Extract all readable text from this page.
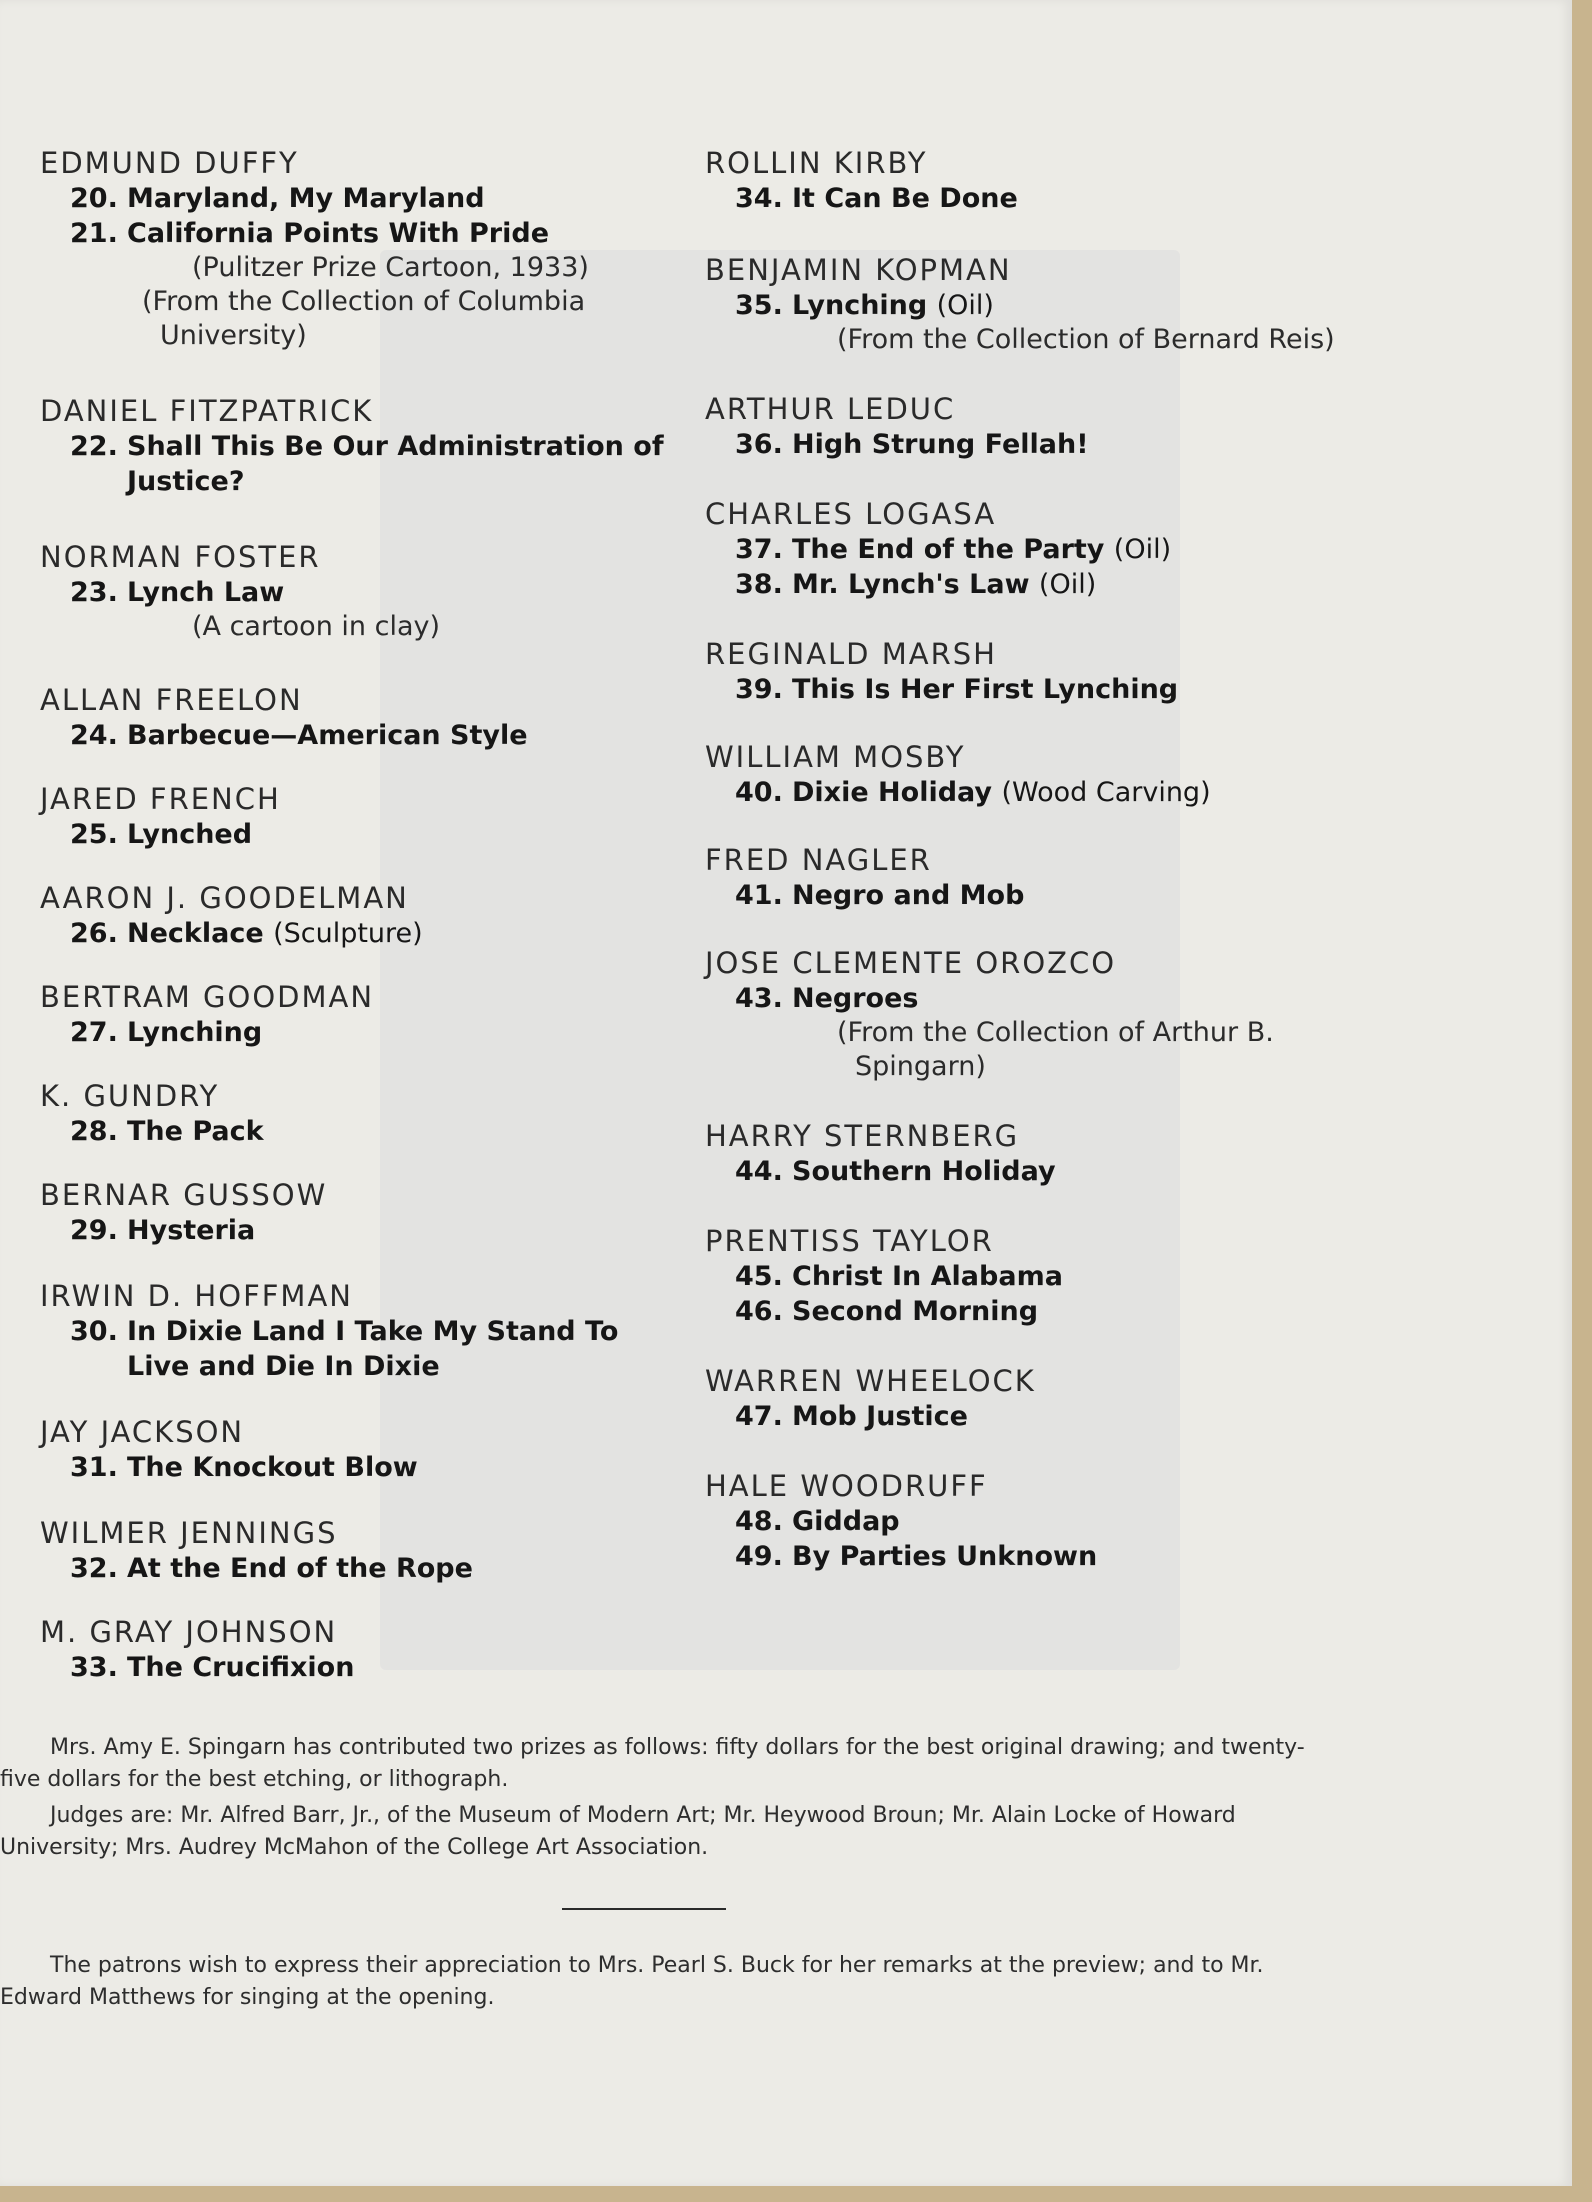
EDMUND DUFFY
20. Maryland, My Maryland
21. California Points With Pride
(Pulitzer Prize Cartoon, 1933)
(From the Collection of Columbia University)
DANIEL FITZPATRICK
22. Shall This Be Our Administration of Justice?
NORMAN FOSTER
23. Lynch Law
(A cartoon in clay)
ALLAN FREELON
24. Barbecue—American Style
JARED FRENCH
25. Lynched
AARON J. GOODELMAN
26. Necklace (Sculpture)
BERTRAM GOODMAN
27. Lynching
K. GUNDRY
28. The Pack
BERNAR GUSSOW
29. Hysteria
IRWIN D. HOFFMAN
30. In Dixie Land I Take My Stand To Live and Die In Dixie
JAY JACKSON
31. The Knockout Blow
WILMER JENNINGS
32. At the End of the Rope
M. GRAY JOHNSON
33. The Crucifixion
ROLLIN KIRBY
34. It Can Be Done
BENJAMIN KOPMAN
35. Lynching (Oil)
(From the Collection of Bernard Reis)
ARTHUR LEDUC
36. High Strung Fellah!
CHARLES LOGASA
37. The End of the Party (Oil)
38. Mr. Lynch's Law (Oil)
REGINALD MARSH
39. This Is Her First Lynching
WILLIAM MOSBY
40. Dixie Holiday (Wood Carving)
FRED NAGLER
41. Negro and Mob
JOSE CLEMENTE OROZCO
43. Negroes
(From the Collection of Arthur B. Spingarn)
HARRY STERNBERG
44. Southern Holiday
PRENTISS TAYLOR
45. Christ In Alabama
46. Second Morning
WARREN WHEELOCK
47. Mob Justice
HALE WOODRUFF
48. Giddap
49. By Parties Unknown
Mrs. Amy E. Spingarn has contributed two prizes as follows: fifty dollars for the best original drawing; and twenty-five dollars for the best etching, or lithograph.
Judges are: Mr. Alfred Barr, Jr., of the Museum of Modern Art; Mr. Heywood Broun; Mr. Alain Locke of Howard University; Mrs. Audrey McMahon of the College Art Association.
The patrons wish to express their appreciation to Mrs. Pearl S. Buck for her remarks at the preview; and to Mr. Edward Matthews for singing at the opening.
